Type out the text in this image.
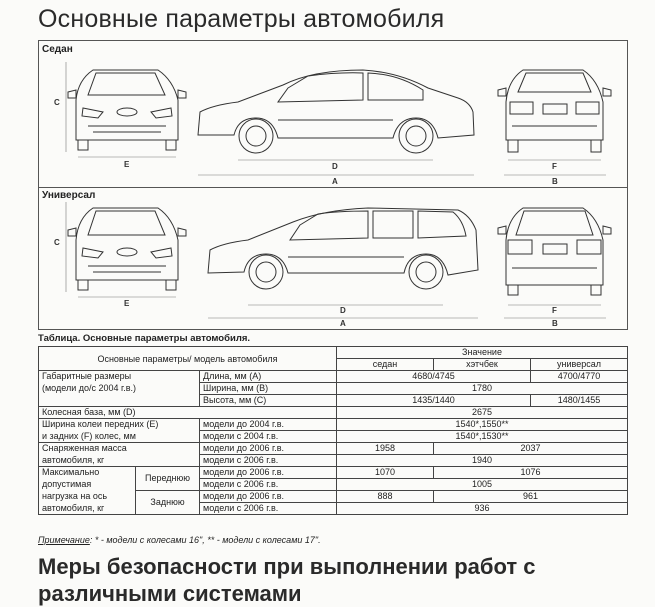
Основные параметры автомобиля
Седан
Универсал
C
E	D
A
F
B
C
E
D
A
F
B
Таблица. Основные параметры автомобиля.
Основные параметры/ модель автомобиля			Значение		
			седан	хэтчбек	универсал
Габаритные размеры		Длина, мм (A)	4680/4745		4700/4770
(модели до/с 2004 г.в.)		Ширина, мм (B)	1780		
		Высота, мм (C)	1435/1440		1480/1455
Колесная база, мм (D)			2675		
Ширина колеи передних (E)		модели до 2004 г.в.	1540*,1550**		
и задних (F) колес, мм		модели с 2004 г.в.	1540*,1530**		
Снаряженная масса		модели до 2006 г.в.	1958	2037	
автомобиля, кг		модели с 2006 г.в.	1940		
Максимально	Переднюю	модели до 2006 г.в.	1070	1076	
допустимая		модели с 2006 г.в.	1005		
нагрузка на ось	Заднюю	модели до 2006 г.в.	888	961	
автомобиля, кг		модели с 2006 г.в.	936		
Примечание: * - модели с колесами 16", ** - модели с колесами 17".
Меры безопасности при выполнении работ с различными системами
